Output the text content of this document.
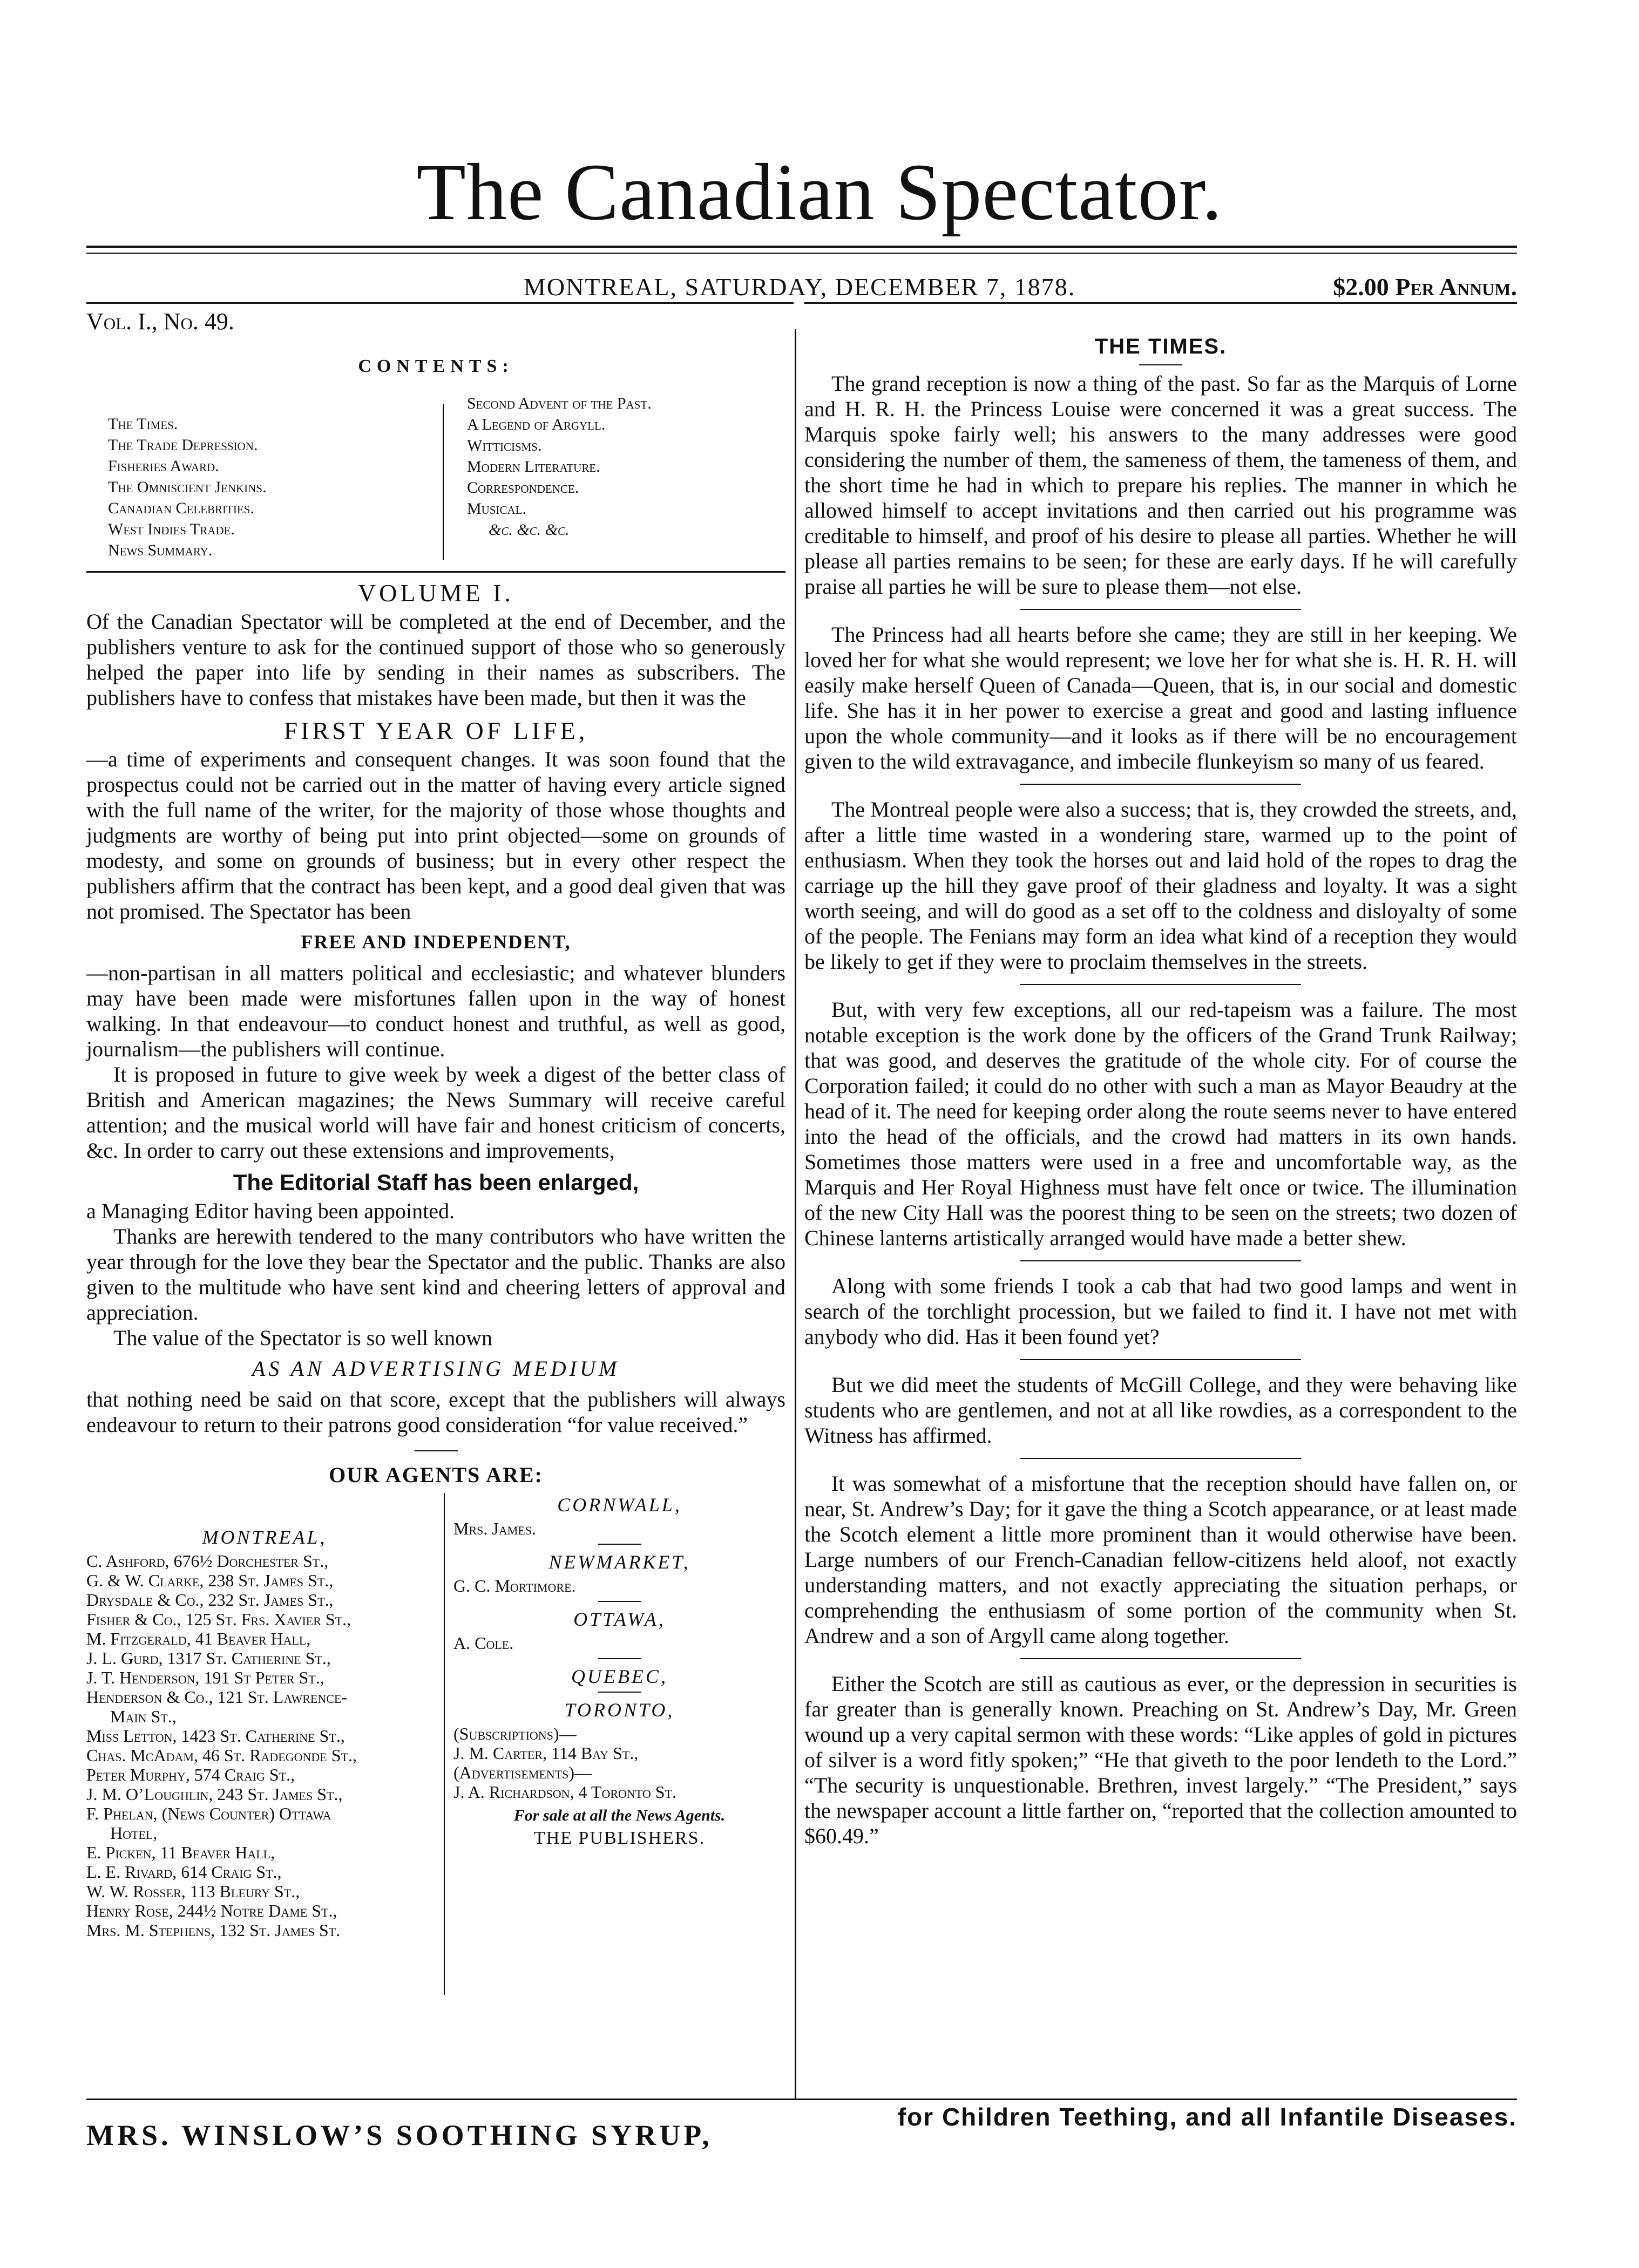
The Canadian Spectator.
MONTREAL, SATURDAY, DECEMBER 7, 1878.	$2.00 Per Annum.
Vol. I., No. 49.
CONTENTS:
The Times.
The Trade Depression.
Fisheries Award.
The Omniscient Jenkins.
Canadian Celebrities.
West Indies Trade.
News Summary.
Second Advent of the Past.
A Legend of Argyll.
Witticisms.
Modern Literature.
Correspondence.
Musical.
&c. &c. &c.
VOLUME I.

Of the Canadian Spectator will be completed at the end of December, and the publishers venture to ask for the continued support of those who so generously helped the paper into life by sending in their names as subscribers. The publishers have to confess that mistakes have been made, but then it was the

FIRST YEAR OF LIFE,

—a time of experiments and consequent changes. It was soon found that the prospectus could not be carried out in the matter of having every article signed with the full name of the writer, for the majority of those whose thoughts and judgments are worthy of being put into print objected—some on grounds of modesty, and some on grounds of business; but in every other respect the publishers affirm that the contract has been kept, and a good deal given that was not promised. The Spectator has been

FREE AND INDEPENDENT,

—non-partisan in all matters political and ecclesiastic; and whatever blunders may have been made were misfortunes fallen upon in the way of honest walking. In that endeavour—to conduct honest and truthful, as well as good, journalism—the publishers will continue.

It is proposed in future to give week by week a digest of the better class of British and American magazines; the News Summary will receive careful attention; and the musical world will have fair and honest criticism of concerts, &c. In order to carry out these extensions and improvements,

The Editorial Staff has been enlarged,

a Managing Editor having been appointed.

Thanks are herewith tendered to the many contributors who have written the year through for the love they bear the Spectator and the public. Thanks are also given to the multitude who have sent kind and cheering letters of approval and appreciation.

The value of the Spectator is so well known

AS AN ADVERTISING MEDIUM

that nothing need be said on that score, except that the publishers will always endeavour to return to their patrons good consideration “for value received.”

OUR AGENTS ARE:
MONTREAL,

C. Ashford, 676½ Dorchester St.,

G. & W. Clarke, 238 St. James St.,

Drysdale & Co., 232 St. James St.,

Fisher & Co., 125 St. Frs. Xavier St.,

M. Fitzgerald, 41 Beaver Hall,

J. L. Gurd, 1317 St. Catherine St.,

J. T. Henderson, 191 St Peter St.,

Henderson & Co., 121 St. Lawrence-

Main St.,

Miss Letton, 1423 St. Catherine St.,

Chas. McAdam, 46 St. Radegonde St.,

Peter Murphy, 574 Craig St.,

J. M. O’Loughlin, 243 St. James St.,

F. Phelan, (News Counter) Ottawa

Hotel,

E. Picken, 11 Beaver Hall,

L. E. Rivard, 614 Craig St.,

W. W. Rosser, 113 Bleury St.,

Henry Rose, 244½ Notre Dame St.,

Mrs. M. Stephens, 132 St. James St.

CORNWALL,

Mrs. James.

NEWMARKET,

G. C. Mortimore.

OTTAWA,

A. Cole.

QUEBEC,
TORONTO,

(Subscriptions)—

J. M. Carter, 114 Bay St.,

(Advertisements)—

J. A. Richardson, 4 Toronto St.

For sale at all the News Agents.
THE PUBLISHERS.
THE TIMES.

The grand reception is now a thing of the past. So far as the Marquis of Lorne and H. R. H. the Princess Louise were concerned it was a great success. The Marquis spoke fairly well; his answers to the many addresses were good considering the number of them, the sameness of them, the tameness of them, and the short time he had in which to prepare his replies. The manner in which he allowed himself to accept invitations and then carried out his programme was creditable to himself, and proof of his desire to please all parties. Whether he will please all parties remains to be seen; for these are early days. If he will carefully praise all parties he will be sure to please them—not else.

The Princess had all hearts before she came; they are still in her keeping. We loved her for what she would represent; we love her for what she is. H. R. H. will easily make herself Queen of Canada—Queen, that is, in our social and domestic life. She has it in her power to exercise a great and good and lasting influence upon the whole community—and it looks as if there will be no encouragement given to the wild extravagance, and imbecile flunkeyism so many of us feared.

The Montreal people were also a success; that is, they crowded the streets, and, after a little time wasted in a wondering stare, warmed up to the point of enthusiasm. When they took the horses out and laid hold of the ropes to drag the carriage up the hill they gave proof of their gladness and loyalty. It was a sight worth seeing, and will do good as a set off to the coldness and disloyalty of some of the people. The Fenians may form an idea what kind of a reception they would be likely to get if they were to proclaim themselves in the streets.

But, with very few exceptions, all our red-tapeism was a failure. The most notable exception is the work done by the officers of the Grand Trunk Railway; that was good, and deserves the gratitude of the whole city. For of course the Corporation failed; it could do no other with such a man as Mayor Beaudry at the head of it. The need for keeping order along the route seems never to have entered into the head of the officials, and the crowd had matters in its own hands. Sometimes those matters were used in a free and uncomfortable way, as the Marquis and Her Royal Highness must have felt once or twice. The illumination of the new City Hall was the poorest thing to be seen on the streets; two dozen of Chinese lanterns artistically arranged would have made a better shew.

Along with some friends I took a cab that had two good lamps and went in search of the torchlight procession, but we failed to find it. I have not met with anybody who did. Has it been found yet?

But we did meet the students of McGill College, and they were behaving like students who are gentlemen, and not at all like rowdies, as a correspondent to the Witness has affirmed.

It was somewhat of a misfortune that the reception should have fallen on, or near, St. Andrew’s Day; for it gave the thing a Scotch appearance, or at least made the Scotch element a little more prominent than it would otherwise have been. Large numbers of our French-Canadian fellow-citizens held aloof, not exactly understanding matters, and not exactly appreciating the situation perhaps, or comprehending the enthusiasm of some portion of the community when St. Andrew and a son of Argyll came along together.

Either the Scotch are still as cautious as ever, or the depression in securities is far greater than is generally known. Preaching on St. Andrew’s Day, Mr. Green wound up a very capital sermon with these words: “Like apples of gold in pictures of silver is a word fitly spoken;” “He that giveth to the poor lendeth to the Lord.” “The security is unquestionable. Brethren, invest largely.” “The President,” says the newspaper account a little farther on, “reported that the collection amounted to $60.49.”

MRS. WINSLOW’S SOOTHING SYRUP,
for Children Teething, and all Infantile Diseases.
